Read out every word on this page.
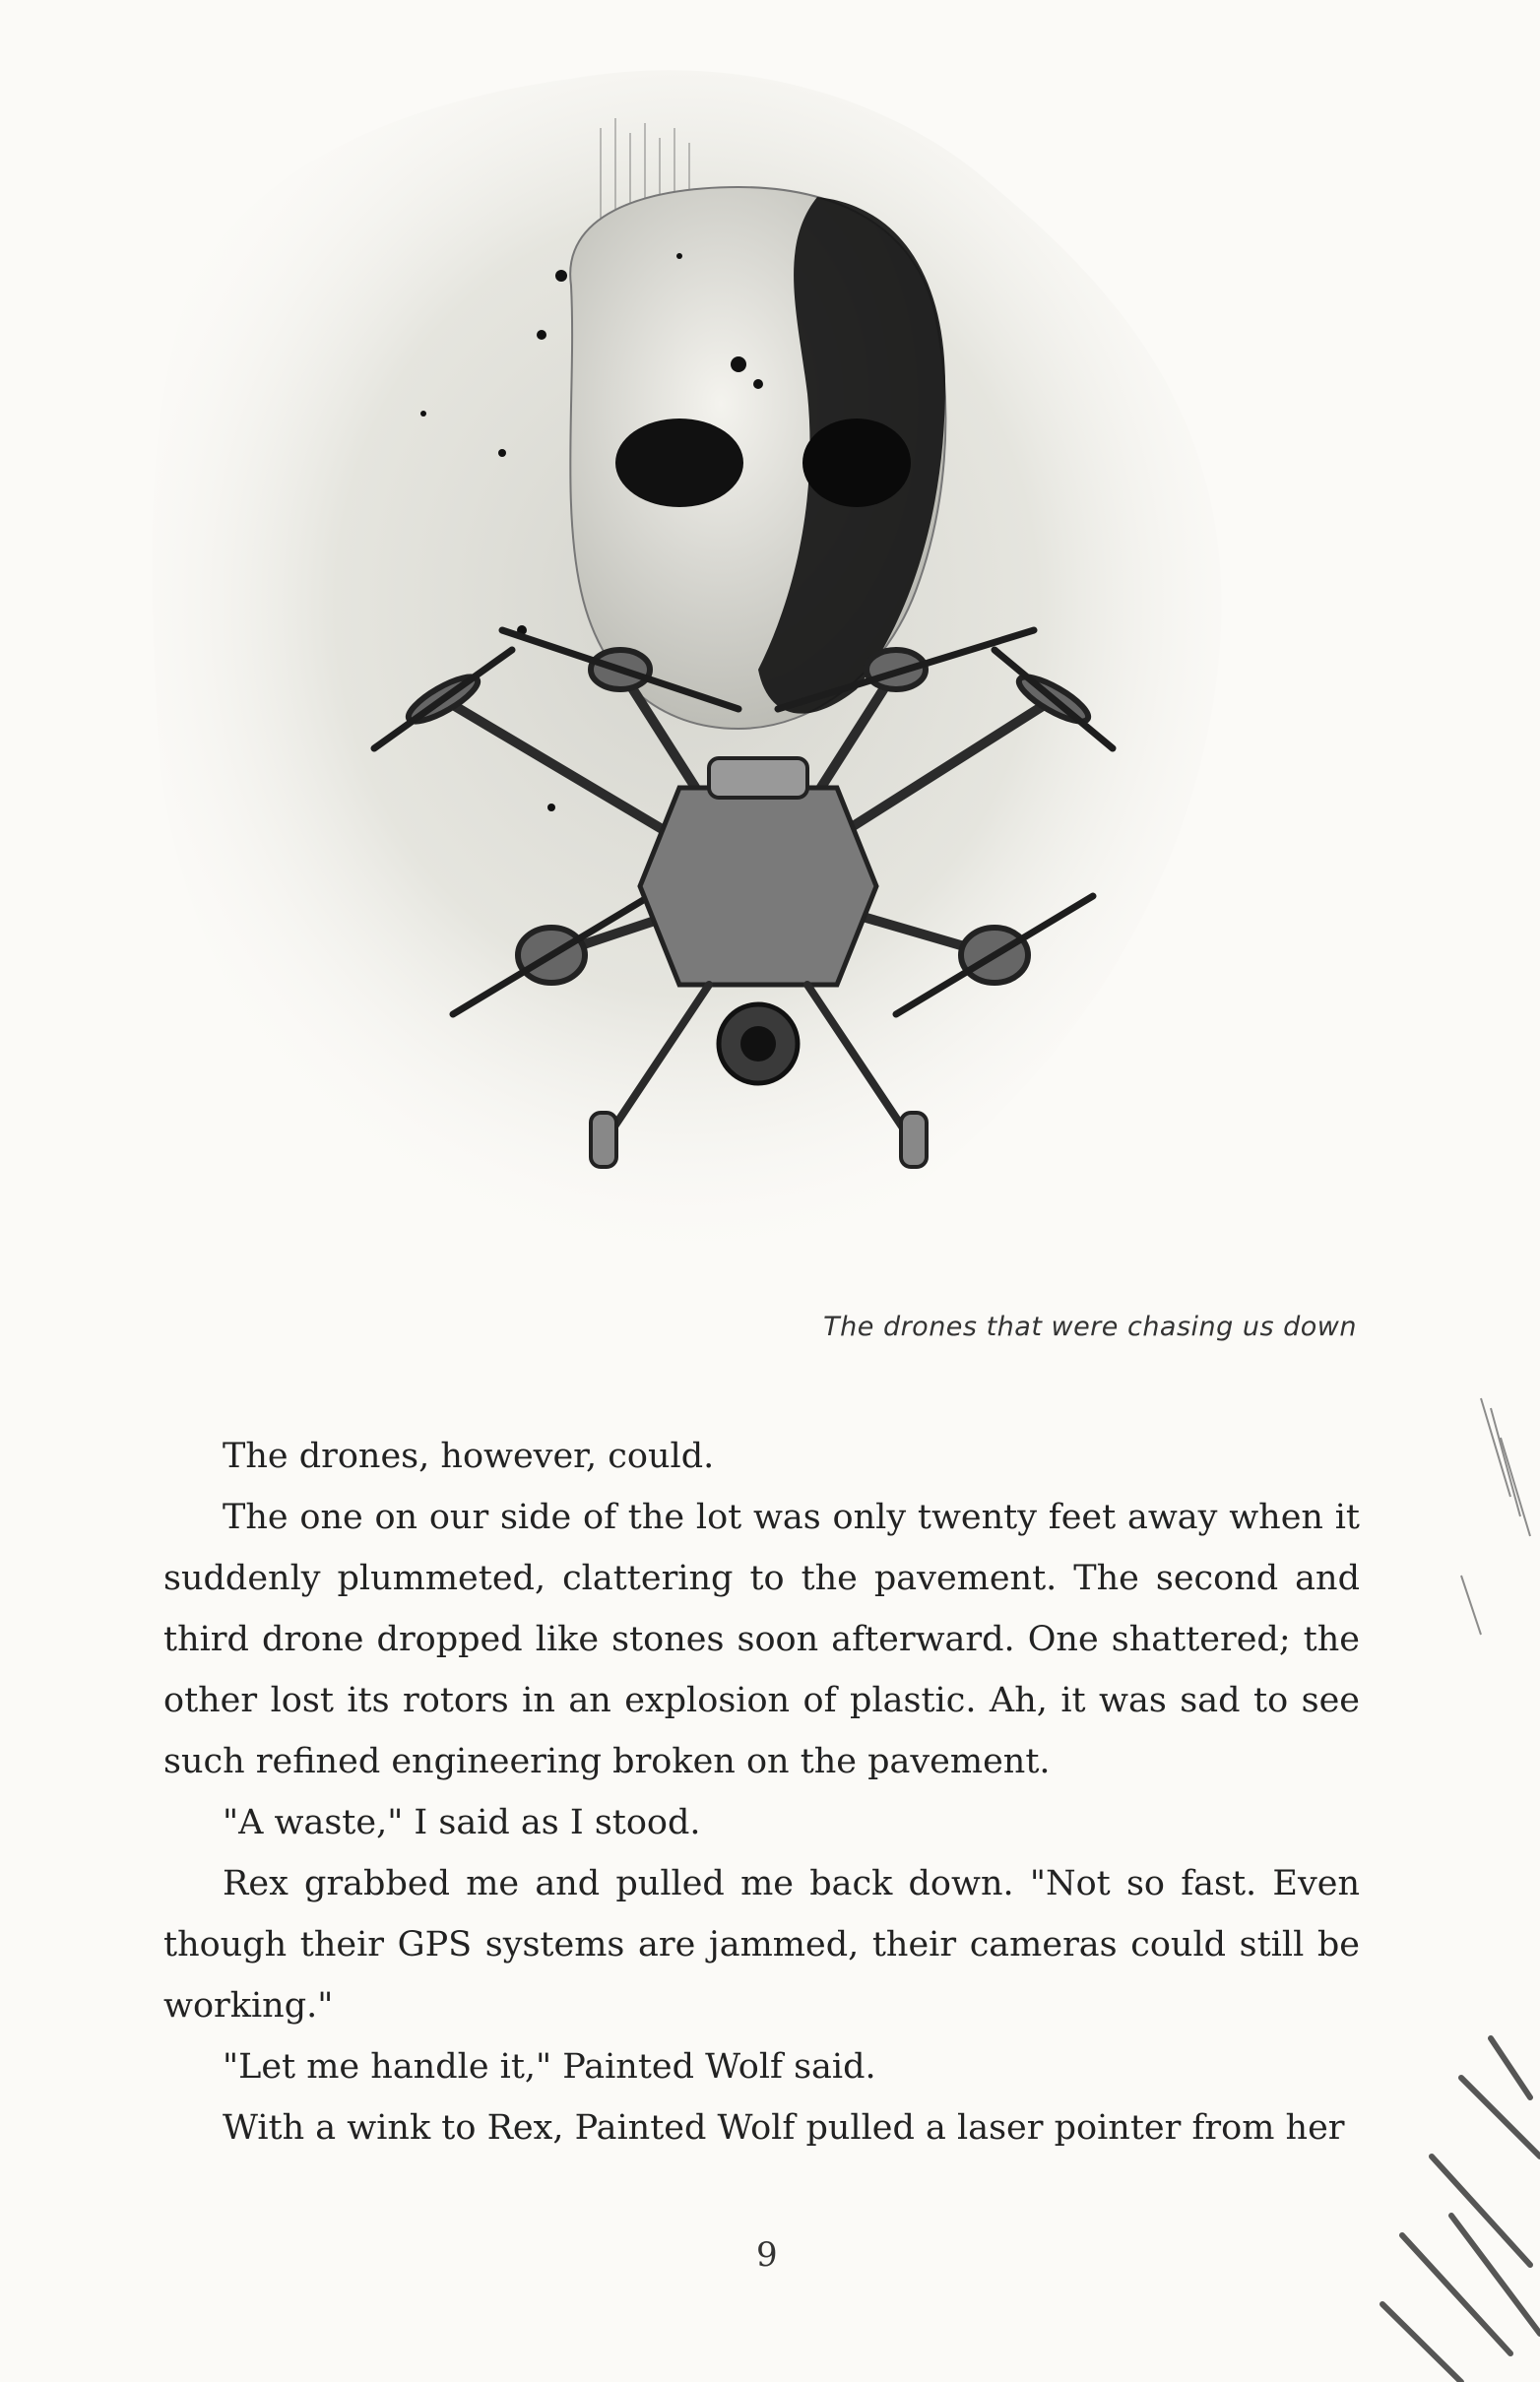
The drones that were chasing us down

The drones, however, could.

The one on our side of the lot was only twenty feet away when it suddenly plummeted, clattering to the pavement. The second and third drone dropped like stones soon afterward. One shattered; the other lost its rotors in an explosion of plastic. Ah, it was sad to see such refined engineering broken on the pavement.

"A waste," I said as I stood.

Rex grabbed me and pulled me back down. "Not so fast. Even though their GPS systems are jammed, their cameras could still be working."

"Let me handle it," Painted Wolf said.

With a wink to Rex, Painted Wolf pulled a laser pointer from her

9
